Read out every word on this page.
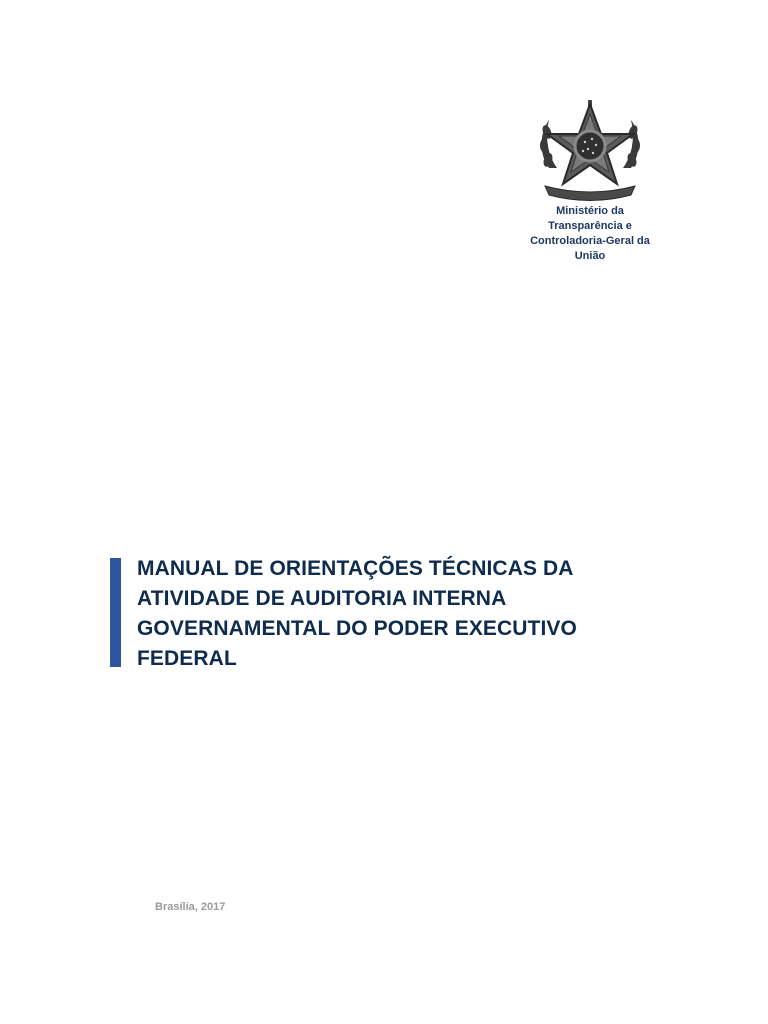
Ministério da
Transparência e
Controladoria-Geral da
União
MANUAL DE ORIENTAÇÕES TÉCNICAS DA
ATIVIDADE DE AUDITORIA INTERNA
GOVERNAMENTAL DO PODER EXECUTIVO
FEDERAL
Brasília, 2017
